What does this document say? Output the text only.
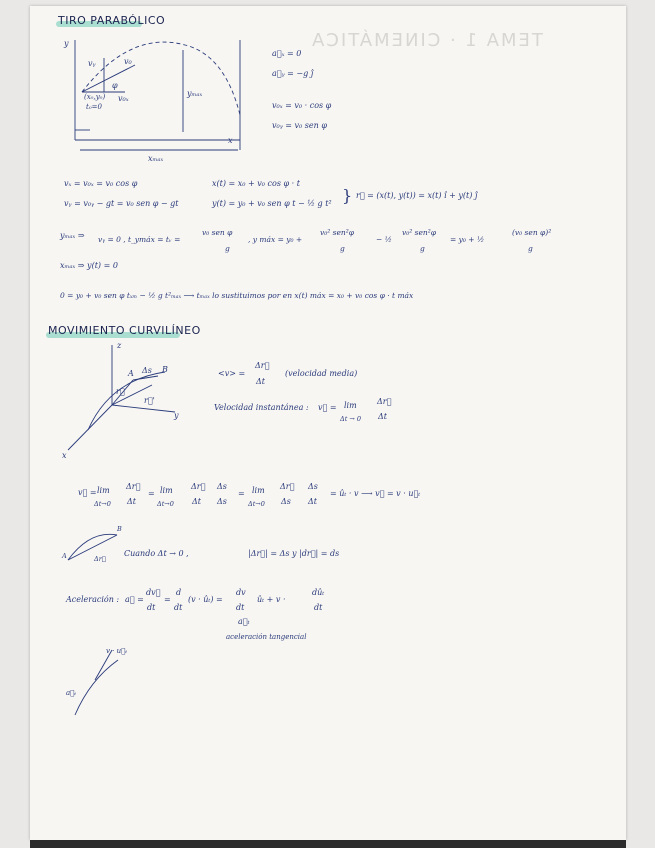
TEMA 1 · CINEMÁTICA
TIRO PARABÓLICO
y
x
vᵧ	v₀
φ
v₀ₓ
(x₀,y₀)
t₀=0
yₘₐₓ
xₘₐₓ
a⃗ₓ = 0
a⃗ᵧ = −g ĵ
v₀ₓ = v₀ · cos φ
v₀ᵧ = v₀ sen φ
vₓ = v₀ₓ = v₀ cos φ
vᵧ = v₀ᵧ − gt = v₀ sen φ − gt
x(t) = x₀ + v₀ cos φ · t
y(t) = y₀ + v₀ sen φ t − ½ g t² } r⃗ = (x(t), y(t)) = x(t) î + y(t) ĵ
yₘₐₓ ⇒ vᵧ = 0 , t_ymáx = tᵥ =
v₀ sen φ
g
, y máx = y₀ +
v₀² sen²φ
g
− ½
v₀² sen²φ
g
= y₀ + ½
(v₀ sen φ)²
g
xₘₐₓ ⇒ y(t) = 0
0 = y₀ + v₀ sen φ tₓₘ − ½ g t²ₘₐₓ ⟶ tₘₐₓ lo sustituimos por en x(t) máx = x₀ + v₀ cos φ · t máx
MOVIMIENTO CURVILÍNEO
z
y
x
A	B
Δs
r⃗
r⃗'
<v> =
Δr⃗
Δt
(velocidad media)
Velocidad instantánea : v⃗ = lim
Δt → 0
Δr⃗
Δt
v⃗ = lim
Δt→0
Δr⃗
Δt
= lim
Δt→0
Δr⃗
Δt
Δs
Δs
= lim
Δt→0
Δr⃗
Δs
Δs
Δt
= ûₜ · v ⟶ v⃗ = v · u⃗ₜ
A
B
Δr⃗
Cuando Δt → 0 ,	|Δr⃗| = Δs y |dr⃗| = ds
Aceleración : a⃗ =
dv⃗
dt
=
d
dt
(v · ûₜ) =
dv
dt
ûₜ + v ·
dûₜ
dt
a⃗ₜ
aceleración tangencial
v · u⃗ₜ
a⃗ₜ
